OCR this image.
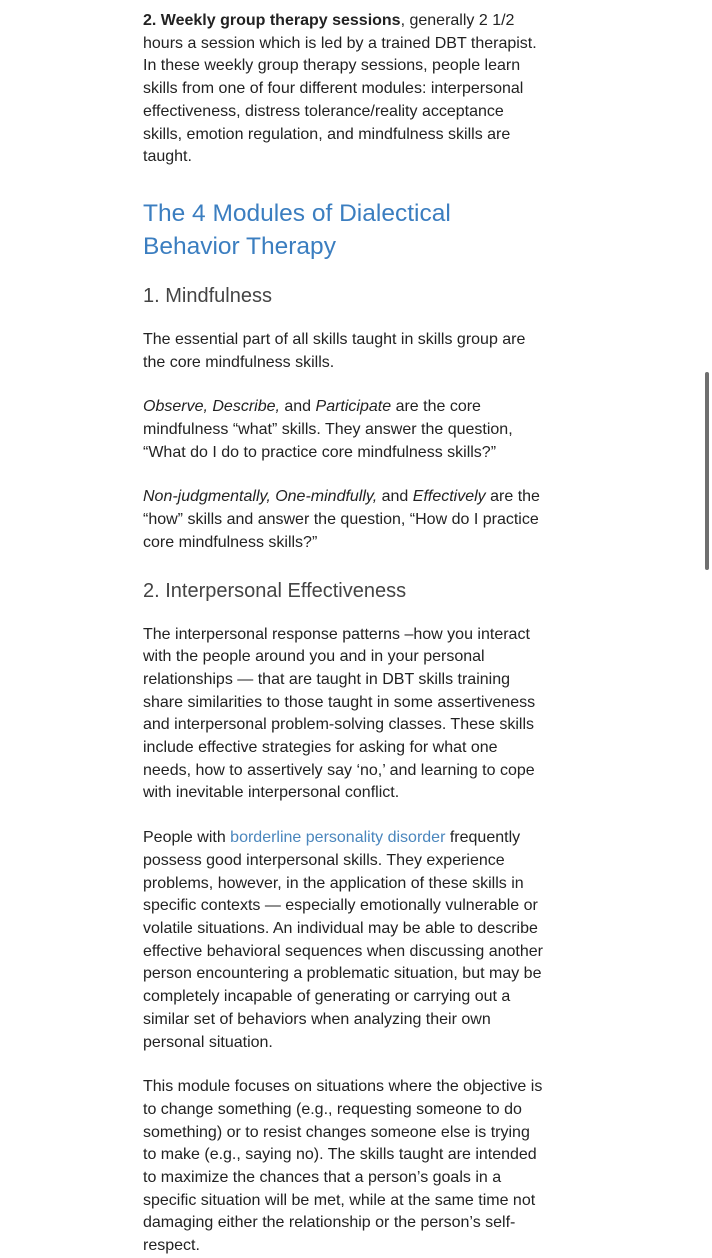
2. Weekly group therapy sessions, generally 2 1/2 hours a session which is led by a trained DBT therapist. In these weekly group therapy sessions, people learn skills from one of four different modules: interpersonal effectiveness, distress tolerance/reality acceptance skills, emotion regulation, and mindfulness skills are taught.

The 4 Modules of Dialectical Behavior Therapy
1. Mindfulness

The essential part of all skills taught in skills group are the core mindfulness skills.

Observe, Describe, and Participate are the core mindfulness “what” skills. They answer the question, “What do I do to practice core mindfulness skills?”

Non-judgmentally, One-mindfully, and Effectively are the “how” skills and answer the question, “How do I practice core mindfulness skills?”

2. Interpersonal Effectiveness

The interpersonal response patterns –how you interact with the people around you and in your personal relationships — that are taught in DBT skills training share similarities to those taught in some assertiveness and interpersonal problem-solving classes. These skills include effective strategies for asking for what one needs, how to assertively say ‘no,’ and learning to cope with inevitable interpersonal conflict.

People with borderline personality disorder frequently possess good interpersonal skills. They experience problems, however, in the application of these skills in specific contexts — especially emotionally vulnerable or volatile situations. An individual may be able to describe effective behavioral sequences when discussing another person encountering a problematic situation, but may be completely incapable of generating or carrying out a similar set of behaviors when analyzing their own personal situation.

This module focuses on situations where the objective is to change something (e.g., requesting someone to do something) or to resist changes someone else is trying to make (e.g., saying no). The skills taught are intended to maximize the chances that a person’s goals in a specific situation will be met, while at the same time not damaging either the relationship or the person’s self-respect.
